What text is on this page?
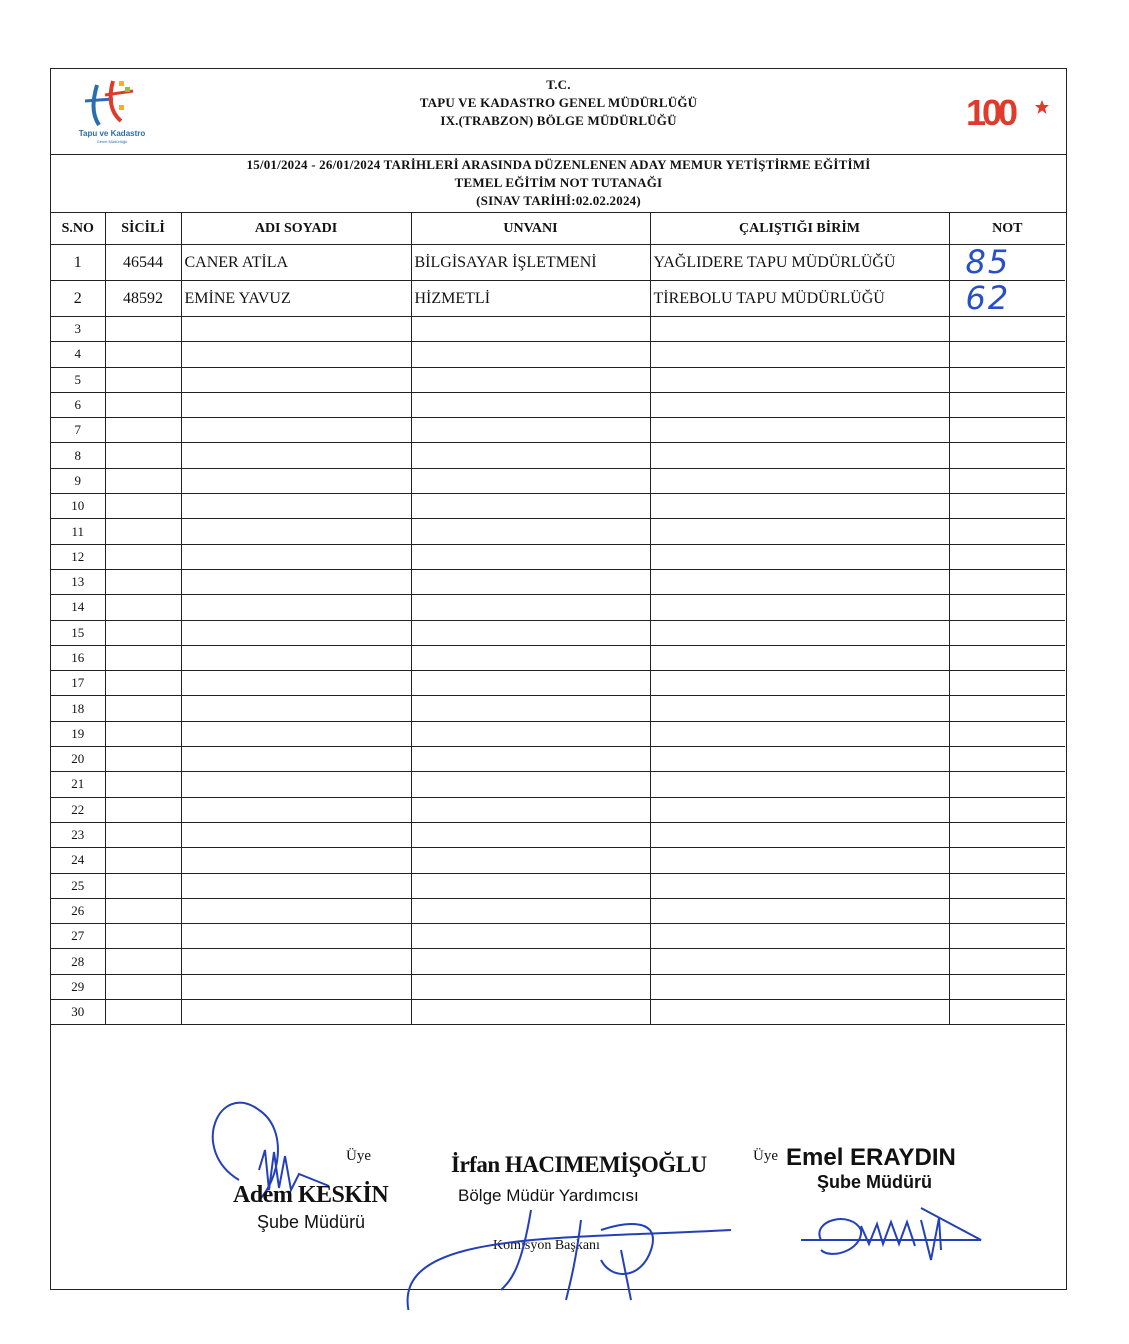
Tapu ve Kadastro
Genel Müdürlüğü
T.C.
TAPU VE KADASTRO GENEL MÜDÜRLÜĞÜ
IX.(TRABZON) BÖLGE MÜDÜRLÜĞÜ	100
15/01/2024 - 26/01/2024 TARİHLERİ ARASINDA DÜZENLENEN ADAY MEMUR YETİŞTİRME EĞİTİMİ
TEMEL EĞİTİM NOT TUTANAĞI
(SINAV TARİHİ:02.02.2024)
S.NO	SİCİLİ	ADI SOYADI	UNVANI	ÇALIŞTIĞI BİRİM	NOT
1	46544	CANER ATİLA	BİLGİSAYAR İŞLETMENİ	YAĞLIDERE TAPU MÜDÜRLÜĞÜ	85
2	48592	EMİNE YAVUZ	HİZMETLİ	TİREBOLU TAPU MÜDÜRLÜĞÜ	62
3					
4					
5					
6					
7					
8					
9					
10					
11					
12					
13					
14					
15					
16					
17					
18					
19					
20					
21					
22					
23					
24					
25					
26					
27					
28					
29					
30					
Üye
Adem KESKİN
Şube Müdürü
İrfan HACIMEMİŞOĞLU
Bölge Müdür Yardımcısı
Komisyon Başkanı
Üye Emel ERAYDIN
Şube Müdürü
